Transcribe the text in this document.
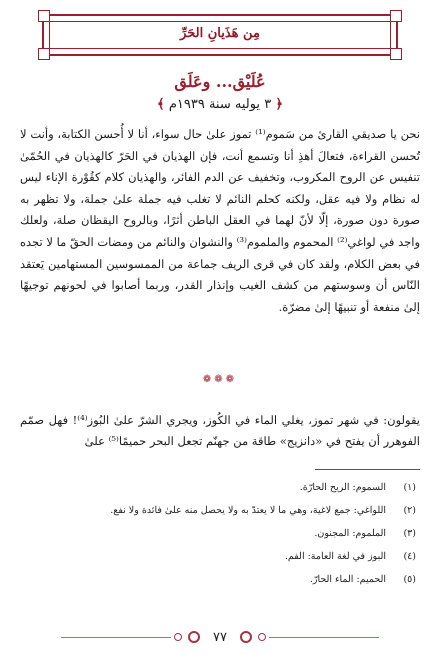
مِن هَذَيانِ الحَرِّ
عُلَيْق... وعَلَق
﴿ ٣ يوليه سنة ١٩٣٩م ﴾

نحن يا صديقي القارئ من سَموم⁽¹⁾ تموز علىٰ حال سواء، أنا لا أُحسن الكتابة، وأنت لا تُحسن القراءة، فتعالَ أهذِ أنا وتسمع أنت، فإن الهذيان في الحَرّ كالهذيان في الحُمّىٰ تنفيس عن الروح المكروب، وتخفيف عن الدم الفائر، والهذيان كلام كقُوْرة الإناء ليس له نظام ولا فيه عقل، ولكنه كحلم النائم لا تغلب فيه جملة علىٰ جملة، ولا تظهر به صورة دون صورة، إلّا لأنّ لهما في العقل الباطن أثرًا، وبالروح اليقظان صلة، ولعلك واجد في لواغي⁽²⁾ المحموم والملموم⁽³⁾ والنشوان والنائم من ومضات الحقّ ما لا تجده في بعض الكلام، ولقد كان في قرى الريف جماعة من الممسوسين المستهامين يَعتقد النّاس أن وسوستهم من كشف الغيب وإنذار القدر، وربما أصابوا في لحونهم توجيهًا إلىٰ منفعة أو تنبيهًا إلىٰ مضرّة.

❁❁❁

يقولون: في شهر تموز، يغلي الماء في الكُوز، ويجري الشرّ علىٰ البُوز⁽⁴⁾! فهل صمّم الفوهرر أن يفتح في «دانزيج» طاقة من جهنّم تجعل البحر حميمًا⁽⁵⁾ علىٰ

(١)
السموم: الريح الحارّة.
(٢)
اللواغي: جمع لاغية، وهي ما لا يعتدّ به ولا يحصل منه علىٰ فائدة ولا نفع.
(٣)
الملموم: المجنون.
(٤)
البوز في لغة العامة: الفم.
(٥)
الحميم: الماء الحارّ.
٧٧
